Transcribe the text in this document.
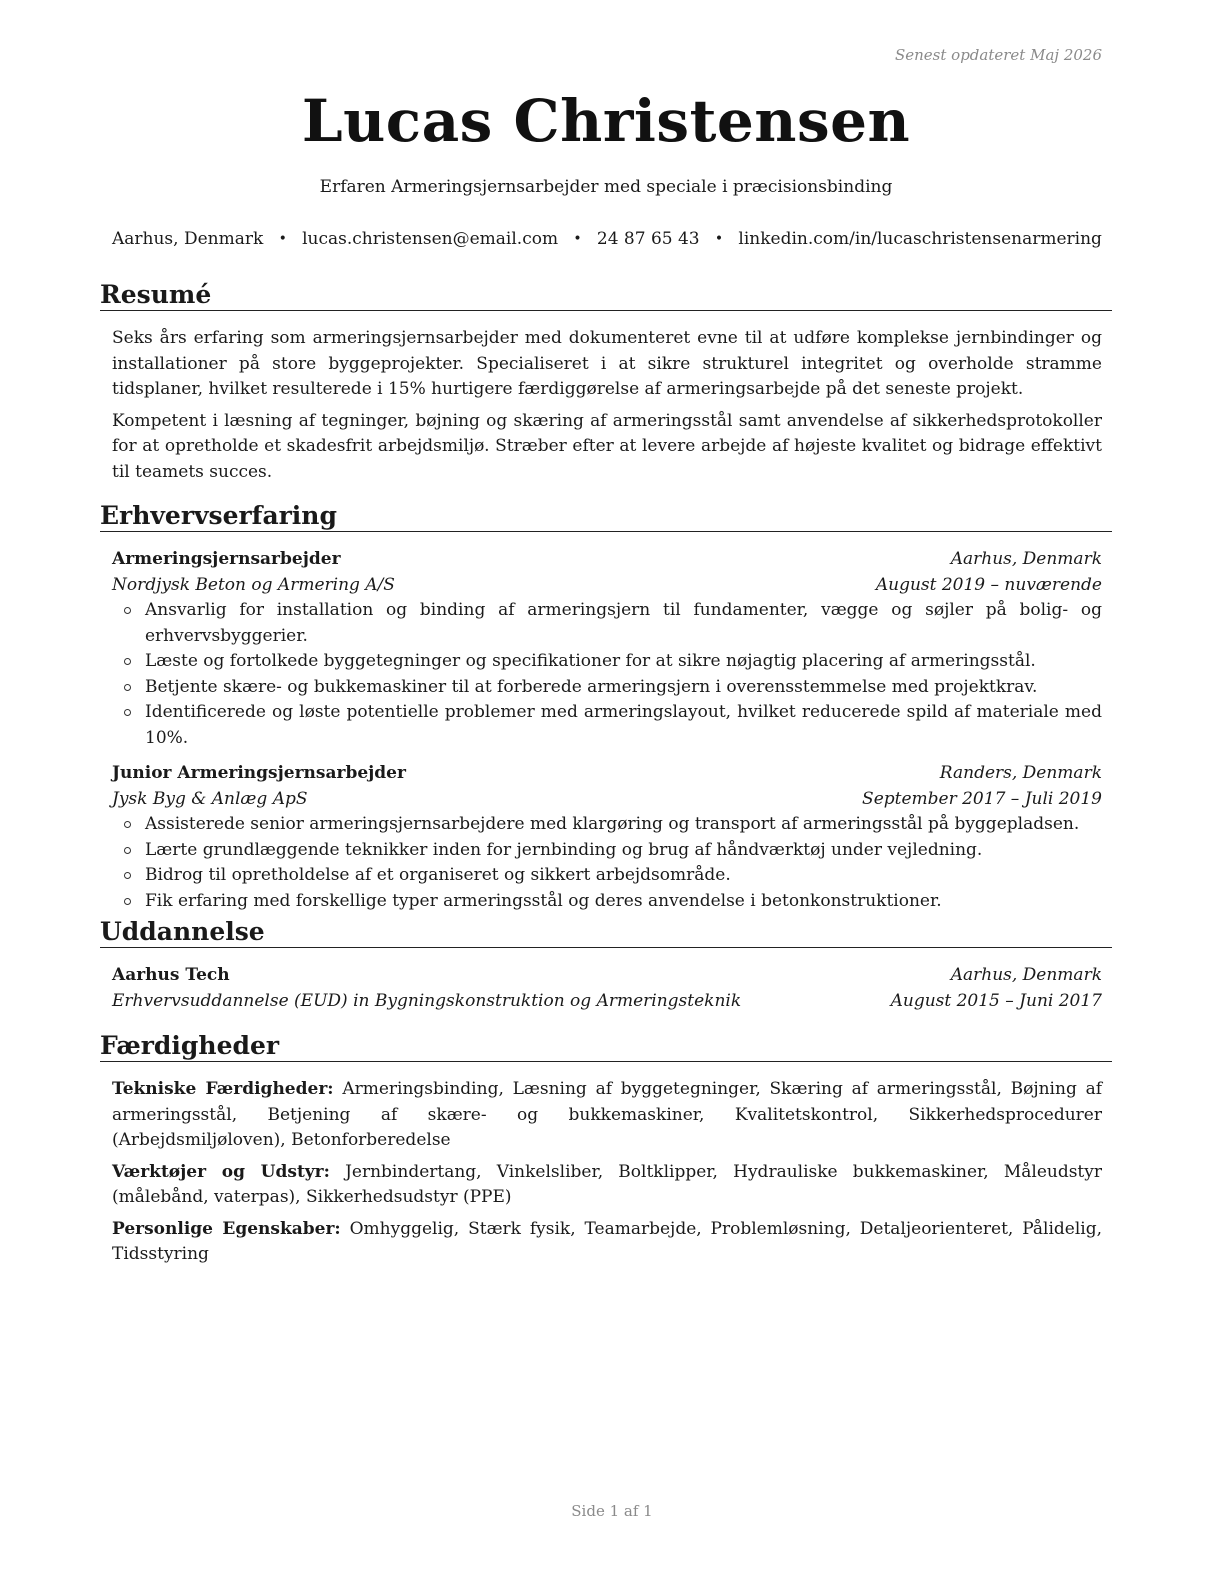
Senest opdateret Maj 2026
Lucas Christensen
Erfaren Armeringsjernsarbejder med speciale i præcisionsbinding
Aarhus, Denmark • lucas.christensen@email.com • 24 87 65 43 • linkedin.com/in/lucaschristensenarmering
Resumé

Seks års erfaring som armeringsjernsarbejder med dokumenteret evne til at udføre komplekse jernbindinger og installationer på store byggeprojekter. Specialiseret i at sikre strukturel integritet og overholde stramme tidsplaner, hvilket resulterede i 15% hurtigere færdiggørelse af armeringsarbejde på det seneste projekt.

Kompetent i læsning af tegninger, bøjning og skæring af armeringsstål samt anvendelse af sikkerhedsprotokoller for at opretholde et skadesfrit arbejdsmiljø. Stræber efter at levere arbejde af højeste kvalitet og bidrage effektivt til teamets succes.

Erhvervserfaring
Armeringsjernsarbejder	Aarhus, Denmark
Nordjysk Beton og Armering A/S	August 2019 – nuværende
Ansvarlig for installation og binding af armeringsjern til fundamenter, vægge og søjler på bolig- og erhvervsbyggerier.
Læste og fortolkede byggetegninger og specifikationer for at sikre nøjagtig placering af armeringsstål.
Betjente skære- og bukkemaskiner til at forberede armeringsjern i overensstemmelse med projektkrav.
Identificerede og løste potentielle problemer med armeringslayout, hvilket reducerede spild af materiale med 10%.
Junior Armeringsjernsarbejder	Randers, Denmark
Jysk Byg & Anlæg ApS	September 2017 – Juli 2019
Assisterede senior armeringsjernsarbejdere med klargøring og transport af armeringsstål på byggepladsen.
Lærte grundlæggende teknikker inden for jernbinding og brug af håndværktøj under vejledning.
Bidrog til opretholdelse af et organiseret og sikkert arbejdsområde.
Fik erfaring med forskellige typer armeringsstål og deres anvendelse i betonkonstruktioner.
Uddannelse
Aarhus Tech	Aarhus, Denmark
Erhvervsuddannelse (EUD) in Bygningskonstruktion og Armeringsteknik	August 2015 – Juni 2017
Færdigheder

Tekniske Færdigheder: Armeringsbinding, Læsning af byggetegninger, Skæring af armeringsstål, Bøjning af armeringsstål, Betjening af skære- og bukkemaskiner, Kvalitetskontrol, Sikkerhedsprocedurer (Arbejdsmiljøloven), Betonforberedelse

Værktøjer og Udstyr: Jernbindertang, Vinkelsliber, Boltklipper, Hydrauliske bukkemaskiner, Måleudstyr (målebånd, vaterpas), Sikkerhedsudstyr (PPE)

Personlige Egenskaber: Omhyggelig, Stærk fysik, Teamarbejde, Problemløsning, Detaljeorienteret, Pålidelig, Tidsstyring

Side 1 af 1
